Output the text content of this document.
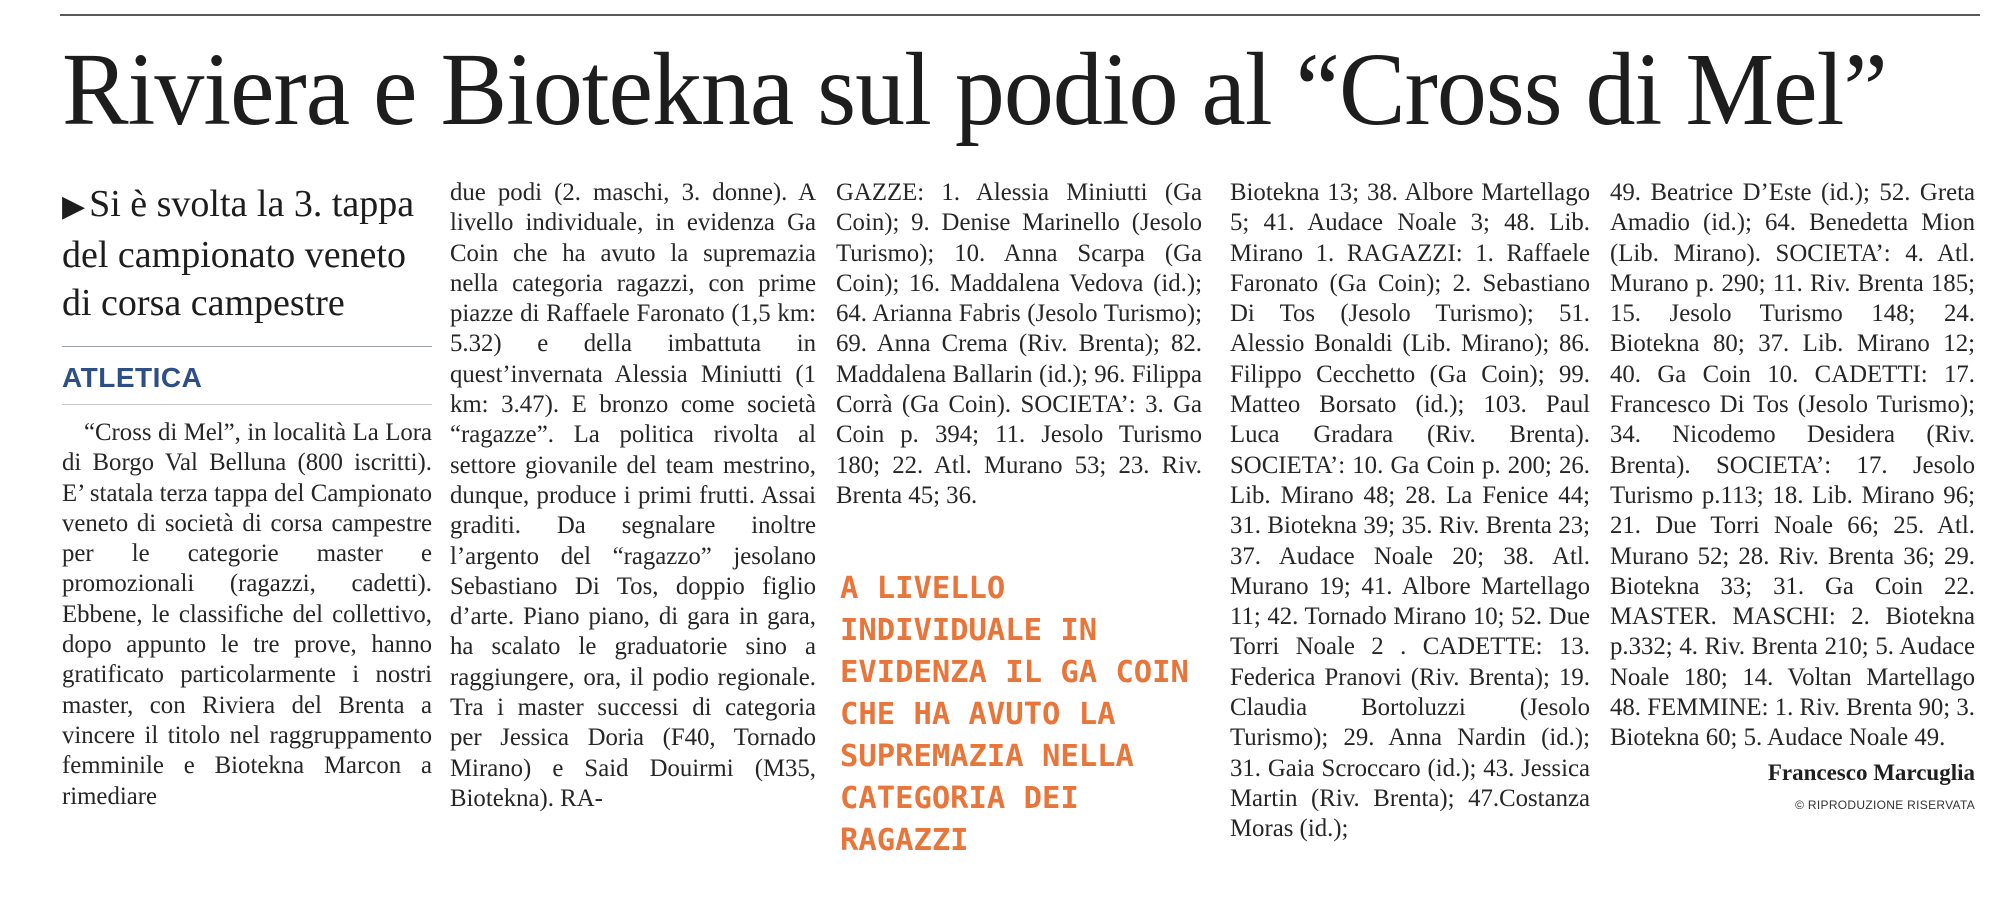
Riviera e Biotekna sul podio al “Cross di Mel”
▶ Si è svolta la 3. tappa del campionato veneto di corsa campestre
ATLETICA
“Cross di Mel”, in località La Lora di Borgo Val Belluna (800 iscritti). E’ statala terza tappa del Campionato veneto di società di corsa campestre per le categorie master e promozionali (ragazzi, cadetti). Ebbene, le classifiche del collettivo, dopo appunto le tre prove, hanno gratificato particolarmente i nostri master, con Riviera del Brenta a vincere il titolo nel raggruppamento femminile e Biotekna Marcon a rimediare
due podi (2. maschi, 3. donne). A livello individuale, in evidenza Ga Coin che ha avuto la supremazia nella categoria ragazzi, con prime piazze di Raffaele Faronato (1,5 km: 5.32) e della imbattuta in quest’invernata Alessia Miniutti (1 km: 3.47). E bronzo come società “ragazze”. La politica rivolta al settore giovanile del team mestrino, dunque, produce i primi frutti. Assai graditi. Da segnalare inoltre l’argento del “ragazzo” jesolano Sebastiano Di Tos, doppio figlio d’arte. Piano piano, di gara in gara, ha scalato le graduatorie sino a raggiungere, ora, il podio regionale. Tra i master successi di categoria per Jessica Doria (F40, Tornado Mirano) e Said Douirmi (M35, Biotekna). RA-
GAZZE: 1. Alessia Miniutti (Ga Coin); 9. Denise Marinello (Jesolo Turismo); 10. Anna Scarpa (Ga Coin); 16. Maddalena Vedova (id.); 64. Arianna Fabris (Jesolo Turismo); 69. Anna Crema (Riv. Brenta); 82. Maddalena Ballarin (id.); 96. Filippa Corrà (Ga Coin). SOCIETA’: 3. Ga Coin p. 394; 11. Jesolo Turismo 180; 22. Atl. Murano 53; 23. Riv. Brenta 45; 36.
A LIVELLO INDIVIDUALE IN EVIDENZA IL GA COIN CHE HA AVUTO LA SUPREMAZIA NELLA CATEGORIA DEI RAGAZZI
Biotekna 13; 38. Albore Martellago 5; 41. Audace Noale 3; 48. Lib. Mirano 1. RAGAZZI: 1. Raffaele Faronato (Ga Coin); 2. Sebastiano Di Tos (Jesolo Turismo); 51. Alessio Bonaldi (Lib. Mirano); 86. Filippo Cecchetto (Ga Coin); 99. Matteo Borsato (id.); 103. Paul Luca Gradara (Riv. Brenta). SOCIETA’: 10. Ga Coin p. 200; 26. Lib. Mirano 48; 28. La Fenice 44; 31. Biotekna 39; 35. Riv. Brenta 23; 37. Audace Noale 20; 38. Atl. Murano 19; 41. Albore Martellago 11; 42. Tornado Mirano 10; 52. Due Torri Noale 2 . CADETTE: 13. Federica Pranovi (Riv. Brenta); 19. Claudia Bortoluzzi (Jesolo Turismo); 29. Anna Nardin (id.); 31. Gaia Scroccaro (id.); 43. Jessica Martin (Riv. Brenta); 47.Costanza Moras (id.);
49. Beatrice D’Este (id.); 52. Greta Amadio (id.); 64. Benedetta Mion (Lib. Mirano). SOCIETA’: 4. Atl. Murano p. 290; 11. Riv. Brenta 185; 15. Jesolo Turismo 148; 24. Biotekna 80; 37. Lib. Mirano 12; 40. Ga Coin 10. CADETTI: 17. Francesco Di Tos (Jesolo Turismo); 34. Nicodemo Desidera (Riv. Brenta). SOCIETA’: 17. Jesolo Turismo p.113; 18. Lib. Mirano 96; 21. Due Torri Noale 66; 25. Atl. Murano 52; 28. Riv. Brenta 36; 29. Biotekna 33; 31. Ga Coin 22. MASTER. MASCHI: 2. Biotekna p.332; 4. Riv. Brenta 210; 5. Audace Noale 180; 14. Voltan Martellago 48. FEMMINE: 1. Riv. Brenta 90; 3. Biotekna 60; 5. Audace Noale 49.
Francesco Marcuglia
© RIPRODUZIONE RISERVATA
